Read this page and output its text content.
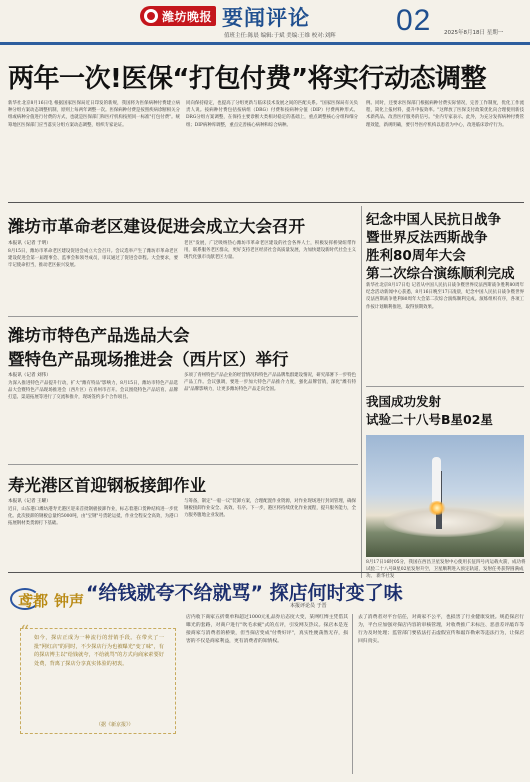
潍坊晚报 要闻评论
值班主任:陈晨 编辑:于斌 美编:王维 校对:刘辉 02 2025年8月18日 星期一
两年一次!医保“打包付费”将实行动态调整
新华社北京8月16日电 根据国家医保局近日印发的新规，我国将为医保病种付费建立病种分组方案动态调整机制，原则上每两年调整一次。医保病种付费是按照疾病诊断相关分组或病种分值进行付费的方式，也就是医保部门和医疗机构按照同一标准"打包付费"。统筹地区医保部门应当落实分组方案动态调整，组织专家论证。
同向保持稳定，也提高了分组更新与临床技术发展之间的匹配关系。"国家医保局有关负责人说。按病种付费包括按病组（DRG）付费和按病种分值（DIP）付费两种形式。DRG分组方案调整，在保持主要诊断大类相对稳定的基础上，重点调整核心分组和细分组；DIP病种库调整，重点完善核心病种和综合病种。
例。同时，还要求医保部门根据病种付费实际情况，完善工作制度，优化工作流程，简化上报材料，提升申报效率。"这释放了医保支付政策优化向合理使用新技术新药品、改善医疗服务的信号。"业内专家表示。此外，为充分发挥病种付费管理效能，新规明确，要引导医疗机构以患者为中心，改进临床诊疗行为。
潍坊市革命老区建设促进会成立大会召开
本报讯（记者 于明）
8月15日，潍坊市革命老区建设促进会成立大会召开。会议选举产生了潍坊市革命老区建设促进会第一届理事会、监事会和领导成员，审议通过了促进会章程。大会要求，要牢记使命担当，推动老区振兴发展。
老区"发展，广泛吸纳热心潍坊市革命老区建设的社会各界人士，积极发挥桥梁纽带作用，联系服务老区群众，更好支持老区经济社会高质量发展，为加快建设新时代社会主义现代化强市贡献老区力量。
纪念中国人民抗日战争
暨世界反法西斯战争
胜利80周年大会
第二次综合演练顺利完成
新华社北京8月17日电 记者从中国人民抗日战争暨世界反法西斯战争胜利80周年纪念活动新闻中心获悉，8月16日晚至17日凌晨，纪念中国人民抗日战争暨世界反法西斯战争胜利80周年大会第二次综合演练顺利完成。演练组织有序，各项工作按计划顺利推进，取得预期效果。
潍坊市特色产品选品大会
暨特色产品现场推进会（西片区）举行
本报讯（记者 刘伟）
为深入推进特色产品提升行动，扩大"潍有特品"影响力，8月15日，潍坊市特色产品选品大会暨特色产品现场推进会（西片区）在青州市召开。会议围绕特色产品培育、品牌打造、渠道拓展等进行了交流和推介，现场签约多个合作项目。
多项了青州特色产品企业的经营情况和特色产品品牌集群建设情况，研究部署下一步特色产品工作。会议强调，要进一步加大特色产品推介力度，强化品牌营销，深化"潍有特品"品牌影响力，让更多潍坊特色产品走向全国。
我国成功发射
试验二十八号B星02星
8月17日16时05分，我国在西昌卫星发射中心使用长征四号丙运载火箭，成功将试验二十八号B星02星发射升空，卫星顺利进入预定轨道，发射任务获得圆满成功。 新华社发
寿光港区首迎钢板接卸作业
本报讯（记者 王曜）
近日，山东港口潍坊港寿光港区迎来首批钢板接卸作业，标志着港口货种结构进一步优化。此次接卸的钢板总量约5000吨，由"宝钢"号货轮运抵，作业全程安全高效，为港口拓展钢材类货源打下基础。
与筹备，制定"一船一议"装卸方案，合理配置作业资源，对作业现场进行封闭管理，确保钢板接卸作业安全、高效、有序。下一步，港区将持续优化作业流程，提升服务能力，全力服务腹地企业发展。
鸢都 钟声 “给钱就夸不给就骂” 探店何时变了味
本报评论员 于晋
“ 如今，探店正成为一种流行的营销手段。在带火了一批"网红店"的同时，不少探店行为也被曝光"变了味"，有的探店博主以"给钱就夸，不给就骂"的方式向商家索要好处费，背离了探店分享真实体验的初衷。
（据《新京报》）
店内收下商家五折菜单和超过1000元礼品券后态度大变，某网红博主凭借其曝光的套路，对商户进行"吹毛求疵"式的点评，引发网友热议。探店本是连接商家与消费者的桥梁，但当探店变成"付费好评"，真实性便荡然无存，损害的不仅是商家利益，更有消费者的知情权。
去了消费者对平台信任，对商家不公平，也损害了行业健康发展。规范探店行为，平台应加强对探店内容的审核管理，对收费推广未标注、恶意差评敲诈等行为及时处理；监管部门要依法打击虚假宣传和敲诈勒索等违法行为，让探店回归真实。
